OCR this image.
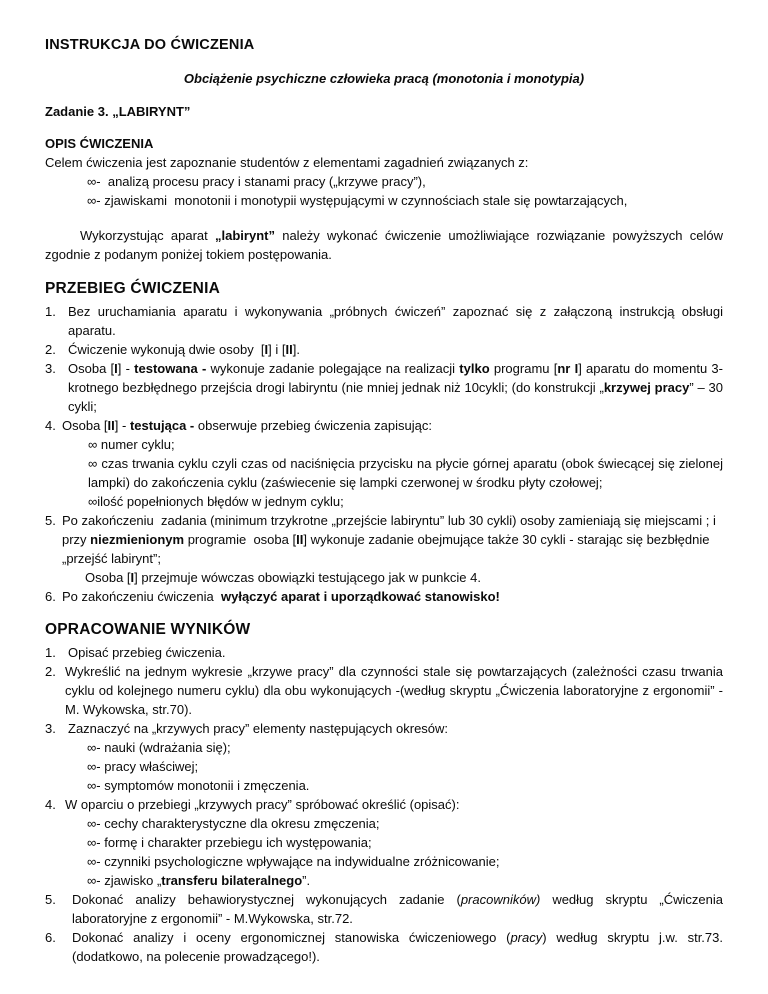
INSTRUKCJA DO ĆWICZENIA
Obciążenie psychiczne człowieka pracą (monotonia i monotypia)
Zadanie 3. „LABIRYNT”
OPIS ĆWICZENIA
Celem ćwiczenia jest zapoznanie studentów z elementami zagadnień związanych z:
∞-  analizą procesu pracy i stanami pracy („krzywe pracy”),
∞- zjawiskami  monotonii i monotypii występującymi w czynnościach stale się powtarzających,
Wykorzystując aparat „labirynt” należy wykonać ćwiczenie umożliwiające rozwiązanie powyższych celów zgodnie z podanym poniżej tokiem postępowania.
PRZEBIEG ĆWICZENIA
1. Bez uruchamiania aparatu i wykonywania „próbnych ćwiczeń” zapoznać się z załączoną instrukcją obsługi aparatu.
2. Ćwiczenie wykonują dwie osoby  [I] i [II].
3. Osoba [I] - testowana - wykonuje zadanie polegające na realizacji tylko programu [nr I] aparatu do momentu 3-krotnego bezbłędnego przejścia drogi labiryntu (nie mniej jednak niż 10cykli; (do konstrukcji „krzywej pracy” – 30 cykli;
4. Osoba [II] - testująca - obserwuje przebieg ćwiczenia zapisując:
∞ numer cyklu;
∞ czas trwania cyklu czyli czas od naciśnięcia przycisku na płycie górnej aparatu (obok świecącej się zielonej lampki) do zakończenia cyklu (zaświecenie się lampki czerwonej w środku płyty czołowej;
∞ilość popełnionych błędów w jednym cyklu;
5. Po zakończeniu  zadania (minimum trzykrotne „przejście labiryntu” lub 30 cykli) osoby zamieniają się miejscami ; i przy niezmienionym programie  osoba [II] wykonuje zadanie obejmujące także 30 cykli - starając się bezbłędnie „przejść labirynt”;
Osoba [I] przejmuje wówczas obowiązki testującego jak w punkcie 4.
6. Po zakończeniu ćwiczenia  wyłączyć aparat i uporządkować stanowisko!
OPRACOWANIE WYNIKÓW
1. Opisać przebieg ćwiczenia.
2. Wykreślić na jednym wykresie „krzywe pracy” dla czynności stale się powtarzających (zależności czasu trwania cyklu od kolejnego numeru cyklu) dla obu wykonujących -(według skryptu „Ćwiczenia laboratoryjne z ergonomii” - M. Wykowska, str.70).
3. Zaznaczyć na „krzywych pracy” elementy następujących okresów:
∞- nauki (wdrażania się);
∞- pracy właściwej;
∞- symptomów monotonii i zmęczenia.
4. W oparciu o przebiegi „krzywych pracy” spróbować określić (opisać):
∞- cechy charakterystyczne dla okresu zmęczenia;
∞- formę i charakter przebiegu ich występowania;
∞- czynniki psychologiczne wpływające na indywidualne zróżnicowanie;
∞- zjawisko „transferu bilateralnego”.
5.	Dokonać analizy behawiorystycznej wykonujących zadanie (pracowników) według skryptu „Ćwiczenia laboratoryjne z ergonomii” - M.Wykowska, str.72.
6.	Dokonać analizy i oceny ergonomicznej stanowiska ćwiczeniowego (pracy) według skryptu j.w. str.73. (dodatkowo, na polecenie prowadzącego!).
